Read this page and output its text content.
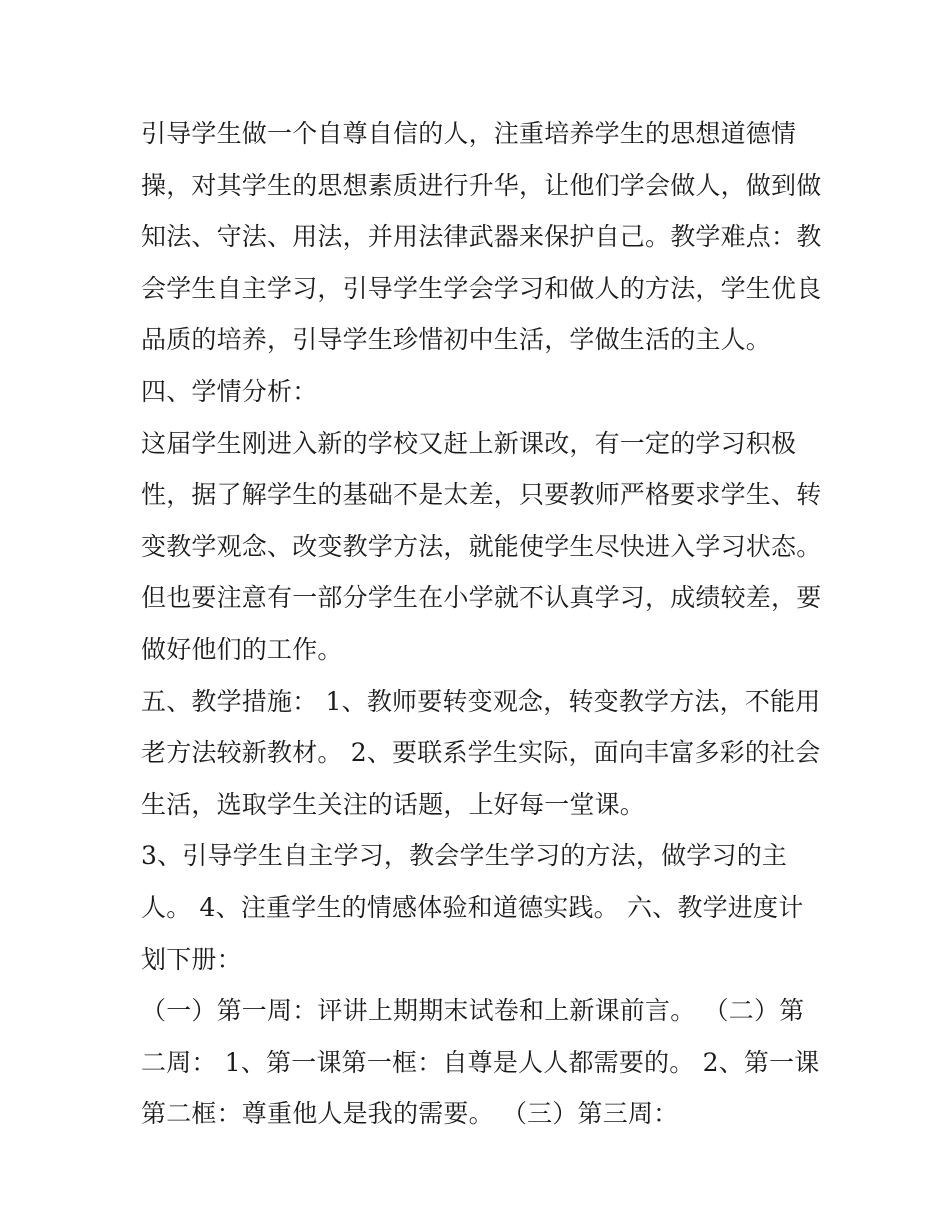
引导学生做一个自尊自信的人，注重培养学生的思想道德情
操，对其学生的思想素质进行升华，让他们学会做人，做到做
知法、守法、用法，并用法律武器来保护自己。教学难点：教
会学生自主学习，引导学生学会学习和做人的方法，学生优良
品质的培养，引导学生珍惜初中生活，学做生活的主人。
四、学情分析：
这届学生刚进入新的学校又赶上新课改，有一定的学习积极
性，据了解学生的基础不是太差，只要教师严格要求学生、转
变教学观念、改变教学方法，就能使学生尽快进入学习状态。
但也要注意有一部分学生在小学就不认真学习，成绩较差，要
做好他们的工作。
五、教学措施： 1、教师要转变观念，转变教学方法，不能用
老方法较新教材。 2、要联系学生实际，面向丰富多彩的社会
生活，选取学生关注的话题，上好每一堂课。
3、引导学生自主学习，教会学生学习的方法，做学习的主
人。 4、注重学生的情感体验和道德实践。 六、教学进度计
划下册：
（一）第一周：评讲上期期末试卷和上新课前言。 （二）第
二周： 1、第一课第一框：自尊是人人都需要的。 2、第一课
第二框：尊重他人是我的需要。 （三）第三周：
